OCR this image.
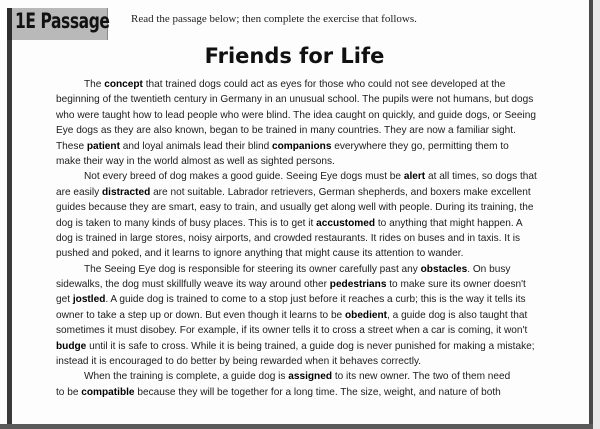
1E Passage Read the passage below; then complete the exercise that follows.
Friends for Life
The concept that trained dogs could act as eyes for those who could not see developed at the
beginning of the twentieth century in Germany in an unusual school. The pupils were not humans, but dogs
who were taught how to lead people who were blind. The idea caught on quickly, and guide dogs, or Seeing
Eye dogs as they are also known, began to be trained in many countries. They are now a familiar sight.
These patient and loyal animals lead their blind companions everywhere they go, permitting them to
make their way in the world almost as well as sighted persons.
Not every breed of dog makes a good guide. Seeing Eye dogs must be alert at all times, so dogs that
are easily distracted are not suitable. Labrador retrievers, German shepherds, and boxers make excellent
guides because they are smart, easy to train, and usually get along well with people. During its training, the
dog is taken to many kinds of busy places. This is to get it accustomed to anything that might happen. A
dog is trained in large stores, noisy airports, and crowded restaurants. It rides on buses and in taxis. It is
pushed and poked, and it learns to ignore anything that might cause its attention to wander.
The Seeing Eye dog is responsible for steering its owner carefully past any obstacles. On busy
sidewalks, the dog must skillfully weave its way around other pedestrians to make sure its owner doesn't
get jostled. A guide dog is trained to come to a stop just before it reaches a curb; this is the way it tells its
owner to take a step up or down. But even though it learns to be obedient, a guide dog is also taught that
sometimes it must disobey. For example, if its owner tells it to cross a street when a car is coming, it won't
budge until it is safe to cross. While it is being trained, a guide dog is never punished for making a mistake;
instead it is encouraged to do better by being rewarded when it behaves correctly.
When the training is complete, a guide dog is assigned to its new owner. The two of them need
to be compatible because they will be together for a long time. The size, weight, and nature of both
